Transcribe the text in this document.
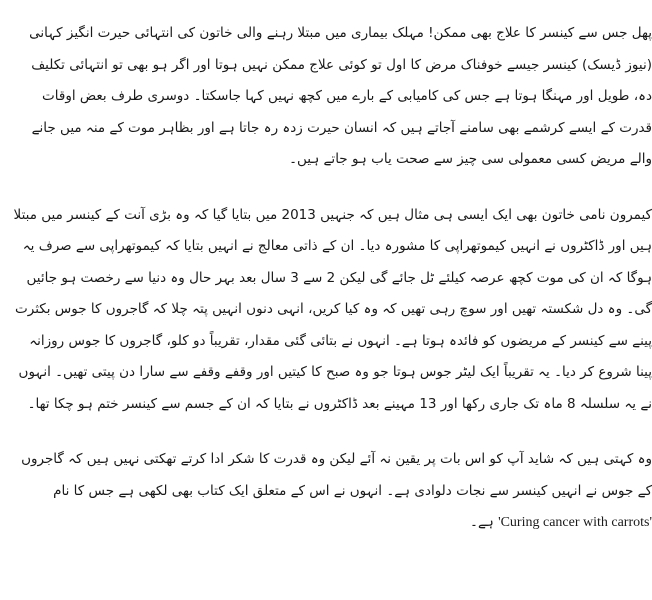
پھل جس سے کینسر کا علاج بھی ممکن! مہلک بیماری میں مبتلا رہنے والی خاتون کی انتہائی حیرت انگیز کہانی

(نیوز ڈیسک) کینسر جیسے خوفناک مرض کا اول تو کوئی علاج ممکن نہیں ہوتا اور اگر ہو بھی تو انتہائی تکلیف دہ، طویل اور مہنگا ہوتا ہے جس کی کامیابی کے بارے میں کچھ نہیں کہا جاسکتا۔ دوسری طرف بعض اوقات قدرت کے ایسے کرشمے بھی سامنے آجاتے ہیں کہ انسان حیرت زدہ رہ جاتا ہے اور بظاہر موت کے منہ میں جانے والے مریض کسی معمولی سی چیز سے صحت یاب ہو جاتے ہیں۔

کیمرون نامی خاتون بھی ایک ایسی ہی مثال ہیں کہ جنہیں 2013 میں بتایا گیا کہ وہ بڑی آنت کے کینسر میں مبتلا ہیں اور ڈاکٹروں نے انہیں کیموتھراپی کا مشورہ دیا۔ ان کے ذاتی معالج نے انہیں بتایا کہ کیموتھراپی سے صرف یہ ہوگا کہ ان کی موت کچھ عرصہ کیلئے ٹل جائے گی لیکن 2 سے 3 سال بعد بہر حال وہ دنیا سے رخصت ہو جائیں گی۔ وہ دل شکستہ تھیں اور سوچ رہی تھیں کہ وہ کیا کریں، انہی دنوں انہیں پتہ چلا کہ گاجروں کا جوس بکثرت پینے سے کینسر کے مریضوں کو فائدہ ہوتا ہے۔ انہوں نے بتائی گئی مقدار، تقریباً دو کلو، گاجروں کا جوس روزانہ پینا شروع کر دیا۔ یہ تقریباً ایک لیٹر جوس ہوتا جو وہ صبح کا کیتیں اور وقفے وقفے سے سارا دن پیتی تھیں۔ انہوں نے یہ سلسلہ 8 ماہ تک جاری رکھا اور 13 مہینے بعد ڈاکٹروں نے بتایا کہ ان کے جسم سے کینسر ختم ہو چکا تھا۔

وہ کہتی ہیں کہ شاید آپ کو اس بات پر یقین نہ آئے لیکن وہ قدرت کا شکر ادا کرتے تھکتی نہیں ہیں کہ گاجروں کے جوس نے انہیں کینسر سے نجات دلوادی ہے۔ انہوں نے اس کے متعلق ایک کتاب بھی لکھی ہے جس کا نام 'Curing cancer with carrots' ہے۔
